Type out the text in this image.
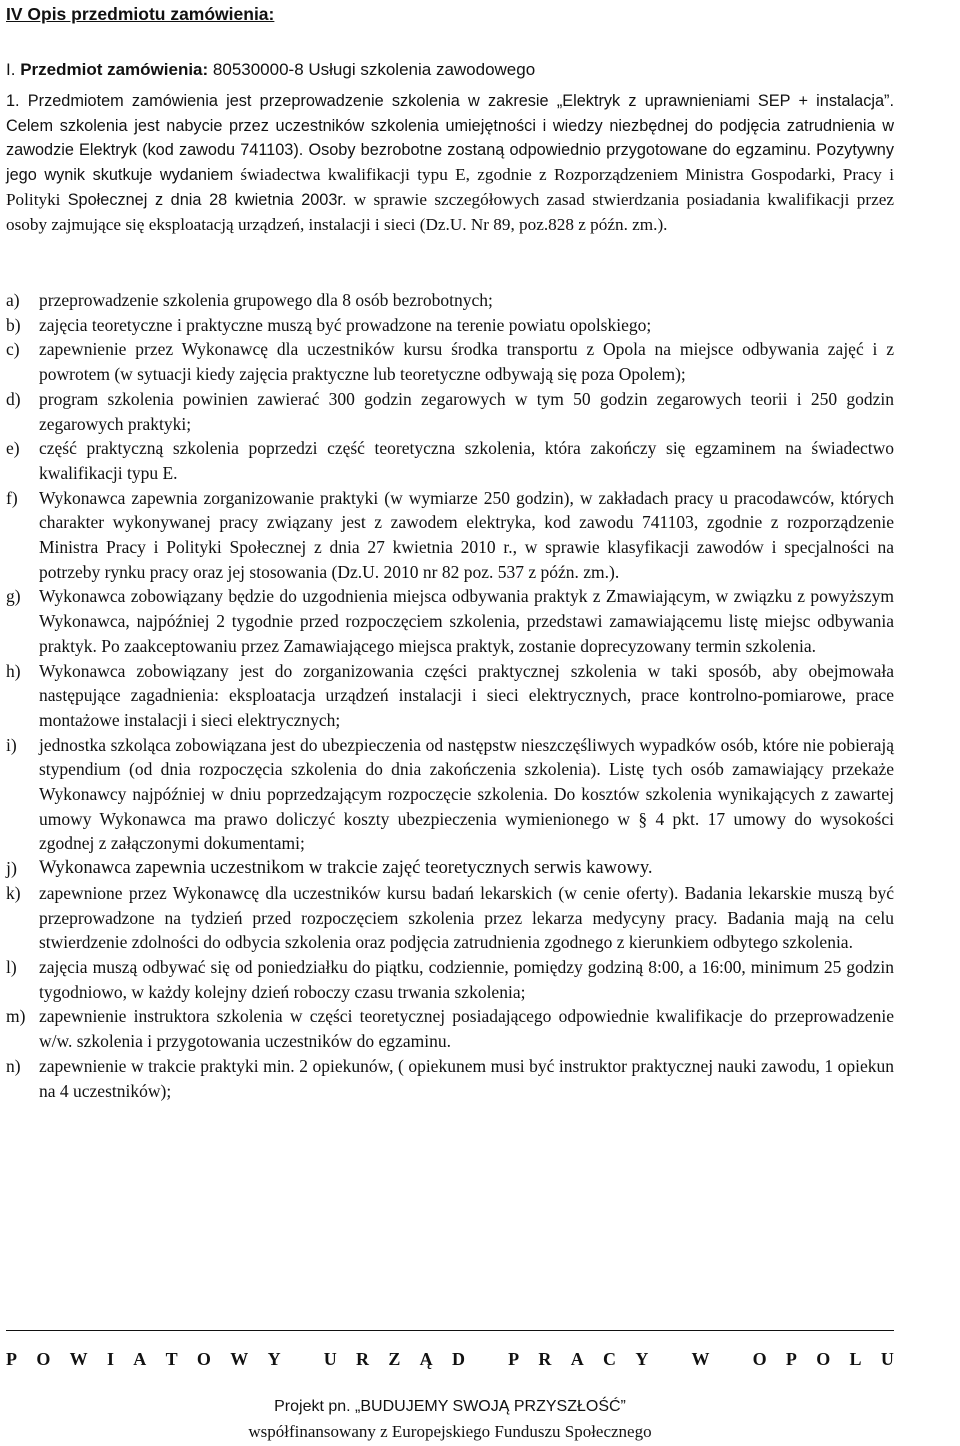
IV Opis przedmiotu zamówienia:
I. Przedmiot zamówienia: 80530000-8 Usługi szkolenia zawodowego
1. Przedmiotem zamówienia jest przeprowadzenie szkolenia w zakresie „Elektryk z uprawnieniami SEP + instalacja”. Celem szkolenia jest nabycie przez uczestników szkolenia umiejętności i wiedzy niezbędnej do podjęcia zatrudnienia w zawodzie Elektryk (kod zawodu 741103). Osoby bezrobotne zostaną odpowiednio przygotowane do egzaminu. Pozytywny jego wynik skutkuje wydaniem świadectwa kwalifikacji typu E, zgodnie z Rozporządzeniem Ministra Gospodarki, Pracy i Polityki Społecznej z dnia 28 kwietnia 2003r. w sprawie szczegółowych zasad stwierdzania posiadania kwalifikacji przez osoby zajmujące się eksploatacją urządzeń, instalacji i sieci (Dz.U. Nr 89, poz.828 z późn. zm.).
a)	przeprowadzenie szkolenia grupowego dla 8 osób bezrobotnych;
b)	zajęcia teoretyczne i praktyczne muszą być prowadzone na terenie powiatu opolskiego;
c)	zapewnienie przez Wykonawcę dla uczestników kursu środka transportu z Opola na miejsce odbywania zajęć i z powrotem (w sytuacji kiedy zajęcia praktyczne lub teoretyczne odbywają się poza Opolem);
d)	program szkolenia powinien zawierać 300 godzin zegarowych w tym 50 godzin zegarowych teorii i 250 godzin zegarowych praktyki;
e)	część praktyczną szkolenia poprzedzi część teoretyczna szkolenia, która zakończy się egzaminem na świadectwo kwalifikacji typu E.
f)	Wykonawca zapewnia zorganizowanie praktyki (w wymiarze 250 godzin), w zakładach pracy u pracodawców, których charakter wykonywanej pracy związany jest z zawodem elektryka, kod zawodu 741103, zgodnie z rozporządzenie Ministra Pracy i Polityki Społecznej z dnia 27 kwietnia 2010 r., w sprawie klasyfikacji zawodów i specjalności na potrzeby rynku pracy oraz jej stosowania (Dz.U. 2010 nr 82 poz. 537 z późn. zm.).
g)	Wykonawca zobowiązany będzie do uzgodnienia miejsca odbywania praktyk z Zmawiającym, w związku z powyższym Wykonawca, najpóźniej 2 tygodnie przed rozpoczęciem szkolenia, przedstawi zamawiającemu listę miejsc odbywania praktyk. Po zaakceptowaniu przez Zamawiającego miejsca praktyk, zostanie doprecyzowany termin szkolenia.
h)	Wykonawca zobowiązany jest do zorganizowania części praktycznej szkolenia w taki sposób, aby obejmowała następujące zagadnienia: eksploatacja urządzeń instalacji i sieci elektrycznych, prace kontrolno-pomiarowe, prace montażowe instalacji i sieci elektrycznych;
i)	jednostka szkoląca zobowiązana jest do ubezpieczenia od następstw nieszczęśliwych wypadków osób, które nie pobierają stypendium (od dnia rozpoczęcia szkolenia do dnia zakończenia szkolenia). Listę tych osób zamawiający przekaże Wykonawcy najpóźniej w dniu poprzedzającym rozpoczęcie szkolenia. Do kosztów szkolenia wynikających z zawartej umowy Wykonawca ma prawo doliczyć koszty ubezpieczenia wymienionego w § 4 pkt. 17 umowy do wysokości zgodnej z załączonymi dokumentami;
j)	Wykonawca zapewnia uczestnikom w trakcie zajęć teoretycznych serwis kawowy.
k)	zapewnione przez Wykonawcę dla uczestników kursu badań lekarskich (w cenie oferty). Badania lekarskie muszą być przeprowadzone na tydzień przed rozpoczęciem szkolenia przez lekarza medycyny pracy. Badania mają na celu stwierdzenie zdolności do odbycia szkolenia oraz podjęcia zatrudnienia zgodnego z kierunkiem odbytego szkolenia.
l)	zajęcia muszą odbywać się od poniedziałku do piątku, codziennie, pomiędzy godziną 8:00, a 16:00, minimum 25 godzin tygodniowo, w każdy kolejny dzień roboczy czasu trwania szkolenia;
m) zapewnienie instruktora szkolenia w części teoretycznej posiadającego odpowiednie kwalifikacje do przeprowadzenie w/w. szkolenia i przygotowania uczestników do egzaminu.
n)	zapewnienie w trakcie praktyki min. 2 opiekunów, ( opiekunem musi być instruktor praktycznej nauki zawodu, 1 opiekun na 4 uczestników);
P O W I A T O W Y
U R Z Ą D
P R A C Y
W
O P O L U
Projekt pn. „BUDUJEMY SWOJĄ PRZYSZŁOŚĆ”
współfinansowany z Europejskiego Funduszu Społecznego
